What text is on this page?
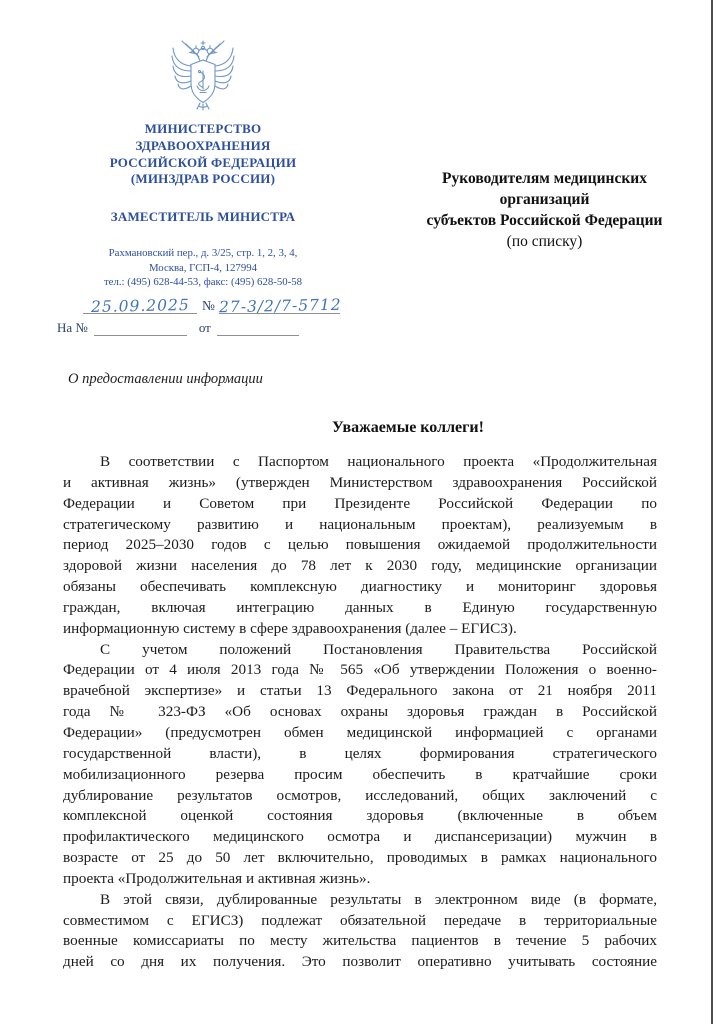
МИНИСТЕРСТВО
ЗДРАВООХРАНЕНИЯ
РОССИЙСКОЙ ФЕДЕРАЦИИ
(МИНЗДРАВ РОССИИ)
ЗАМЕСТИТЕЛЬ МИНИСТРА
Рахмановский пер., д. 3/25, стр. 1, 2, 3, 4,
Москва, ГСП-4, 127994
тел.: (495) 628-44-53, факс: (495) 628-50-58
25.09.2025 № 27-3/2/7-5712
На №	от
Руководителям медицинских
организаций
субъектов Российской Федерации
(по списку)
О предоставлении информации
Уважаемые коллеги!
В соответствии с Паспортом национального проекта «Продолжительная
и активная жизнь» (утвержден Министерством здравоохранения Российской
Федерации и Советом при Президенте Российской Федерации по
стратегическому развитию и национальным проектам), реализуемым в
период 2025–2030 годов с целью повышения ожидаемой продолжительности
здоровой жизни населения до 78 лет к 2030 году, медицинские организации
обязаны обеспечивать комплексную диагностику и мониторинг здоровья
граждан, включая интеграцию данных в Единую государственную
информационную систему в сфере здравоохранения (далее – ЕГИСЗ).
С учетом положений Постановления Правительства Российской
Федерации от 4 июля 2013 года № 565 «Об утверждении Положения о военно-
врачебной экспертизе» и статьи 13 Федерального закона от 21 ноября 2011
года № 323-ФЗ «Об основах охраны здоровья граждан в Российской
Федерации» (предусмотрен обмен медицинской информацией с органами
государственной власти), в целях формирования стратегического
мобилизационного резерва просим обеспечить в кратчайшие сроки
дублирование результатов осмотров, исследований, общих заключений с
комплексной оценкой состояния здоровья (включенные в объем
профилактического медицинского осмотра и диспансеризации) мужчин в
возрасте от 25 до 50 лет включительно, проводимых в рамках национального
проекта «Продолжительная и активная жизнь».
В этой связи, дублированные результаты в электронном виде (в формате,
совместимом с ЕГИСЗ) подлежат обязательной передаче в территориальные
военные комиссариаты по месту жительства пациентов в течение 5 рабочих
дней со дня их получения. Это позволит оперативно учитывать состояние
